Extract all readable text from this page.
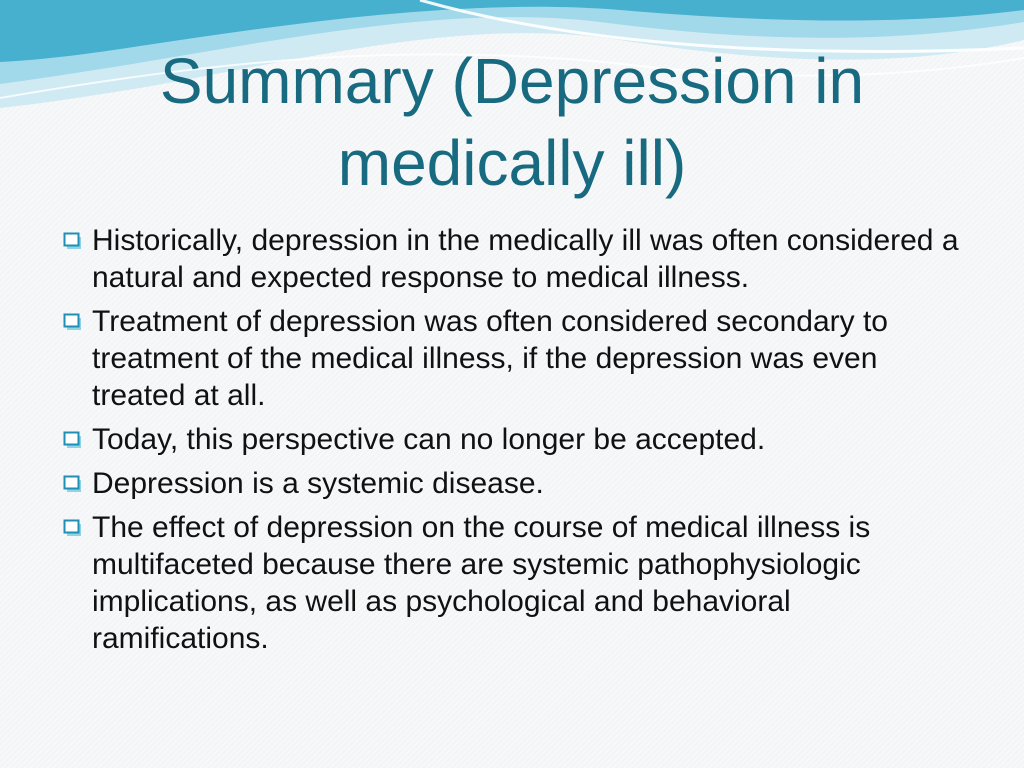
Summary (Depression in medically ill)
Historically, depression in the medically ill was often considered a natural and expected response to medical illness.
Treatment of depression was often considered secondary to treatment of the medical illness, if the depression was even treated at all.
Today, this perspective can no longer be accepted.
Depression is a systemic disease.
The effect of depression on the course of medical illness is multifaceted because there are systemic pathophysiologic implications, as well as psychological and behavioral ramifications.
